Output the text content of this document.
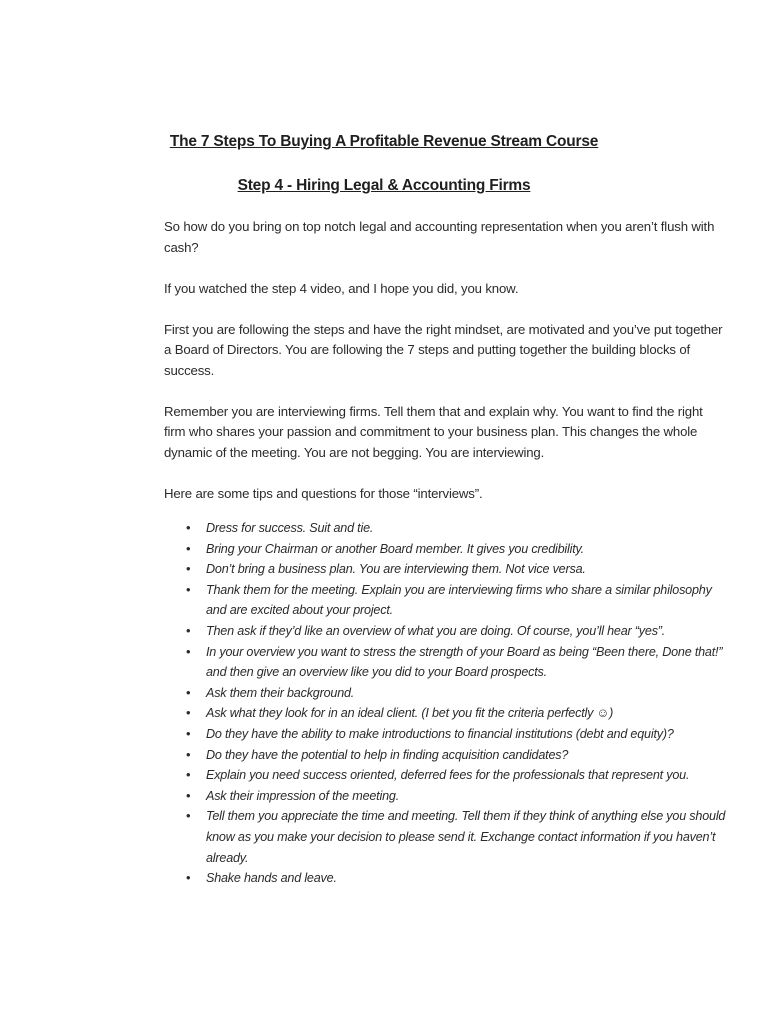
The 7 Steps To Buying A Profitable Revenue Stream Course
Step 4 - Hiring Legal & Accounting Firms

So how do you bring on top notch legal and accounting representation when you aren’t flush with cash?

If you watched the step 4 video, and I hope you did, you know.

First you are following the steps and have the right mindset, are motivated and you’ve put together a Board of Directors. You are following the 7 steps and putting together the building blocks of success.

Remember you are interviewing firms. Tell them that and explain why. You want to find the right firm who shares your passion and commitment to your business plan. This changes the whole dynamic of the meeting. You are not begging. You are interviewing.

Here are some tips and questions for those “interviews”.

• Dress for success. Suit and tie.
• Bring your Chairman or another Board member. It gives you credibility.
• Don’t bring a business plan. You are interviewing them. Not vice versa.
• Thank them for the meeting. Explain you are interviewing firms who share a similar philosophy and are excited about your project.
• Then ask if they’d like an overview of what you are doing. Of course, you’ll hear “yes”.
• In your overview you want to stress the strength of your Board as being “Been there, Done that!” and then give an overview like you did to your Board prospects.
• Ask them their background.
• Ask what they look for in an ideal client. (I bet you fit the criteria perfectly ☺)
• Do they have the ability to make introductions to financial institutions (debt and equity)?
• Do they have the potential to help in finding acquisition candidates?
• Explain you need success oriented, deferred fees for the professionals that represent you.
• Ask their impression of the meeting.
• Tell them you appreciate the time and meeting. Tell them if they think of anything else you should know as you make your decision to please send it. Exchange contact information if you haven’t already.
• Shake hands and leave.
